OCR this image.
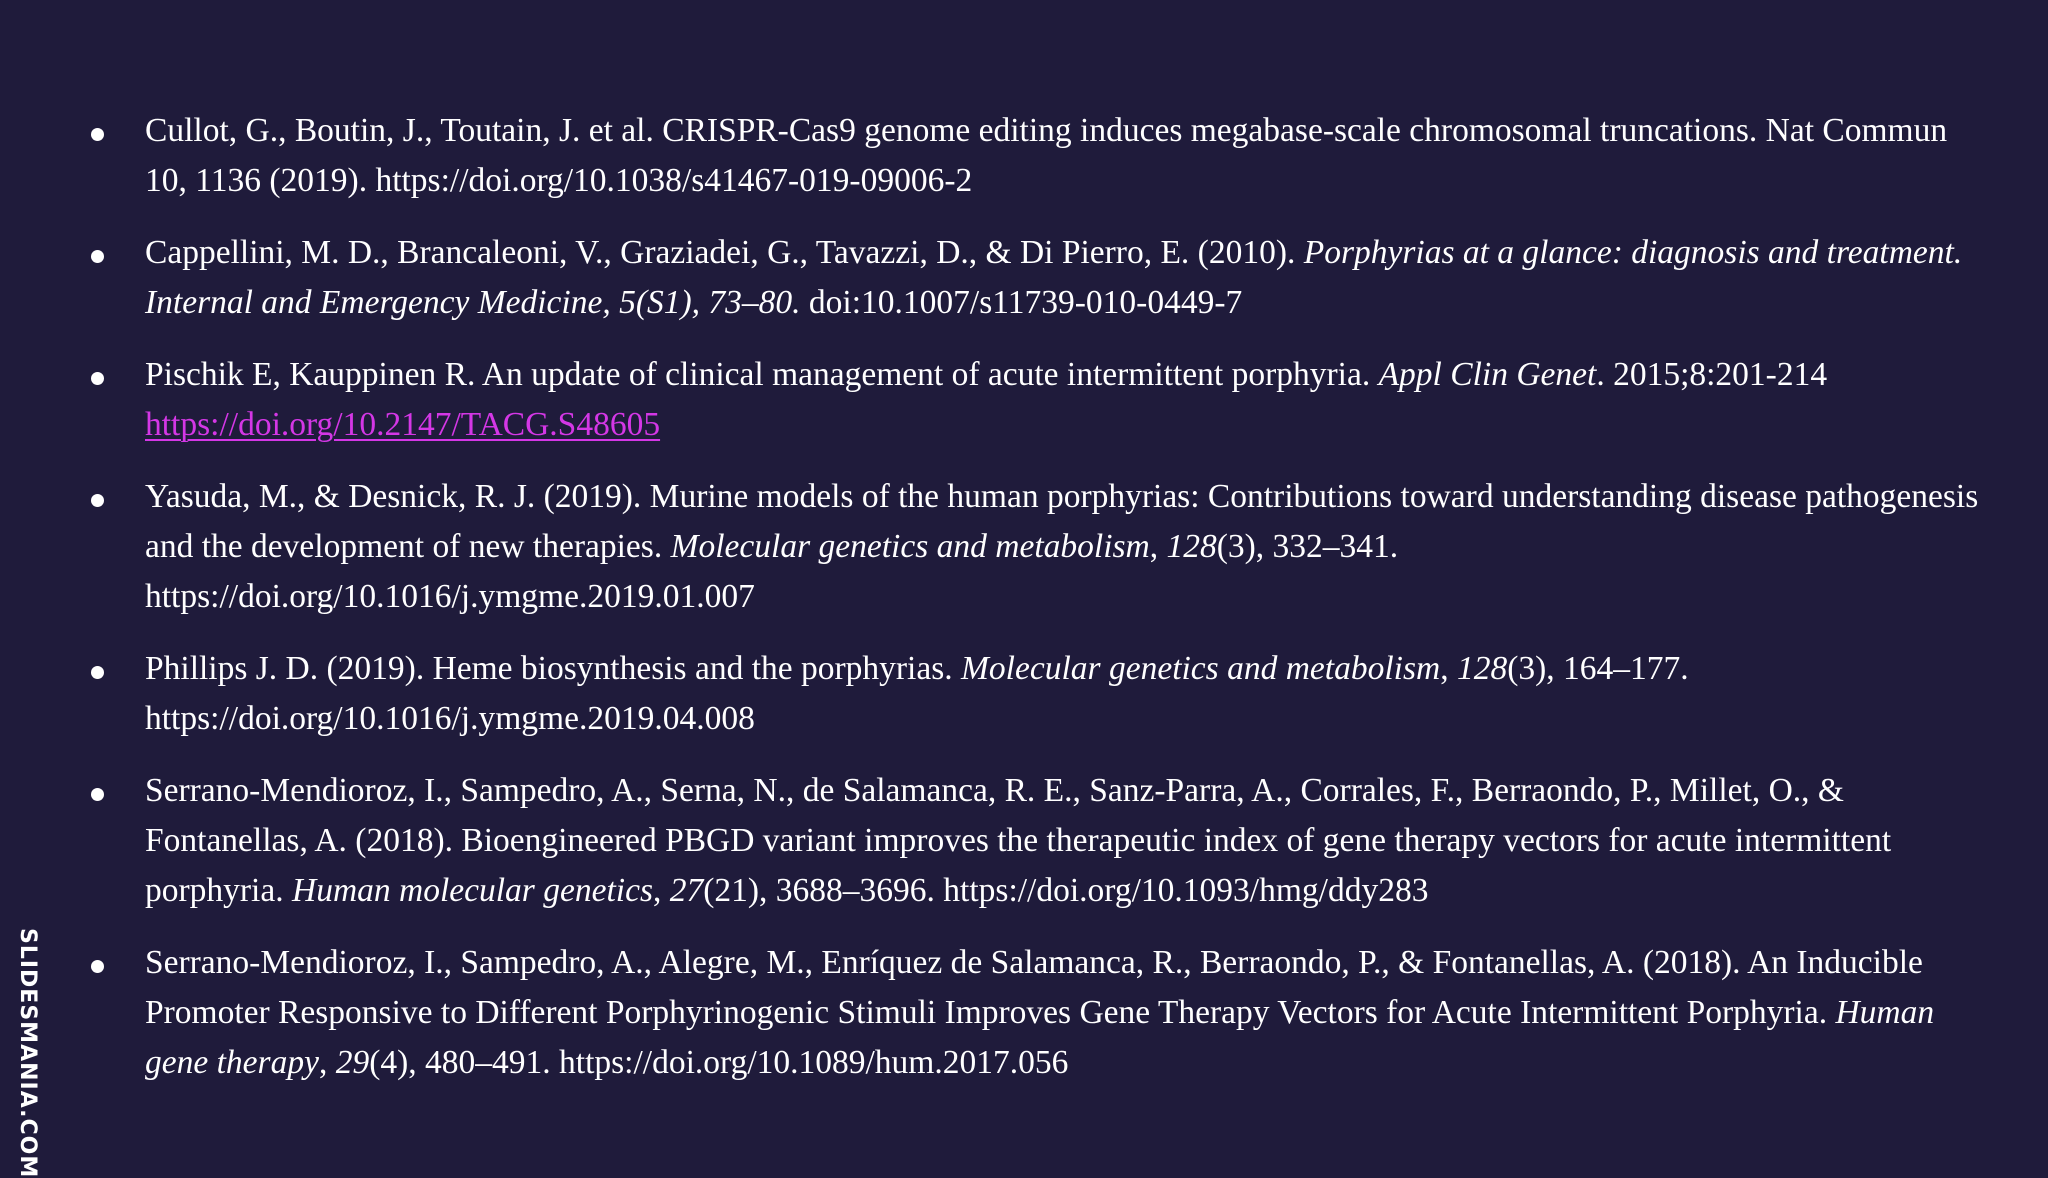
Cullot, G., Boutin, J., Toutain, J. et al. CRISPR-Cas9 genome editing induces megabase-scale chromosomal truncations. Nat Commun 10, 1136 (2019). https://doi.org/10.1038/s41467-019-09006-2
Cappellini, M. D., Brancaleoni, V., Graziadei, G., Tavazzi, D., & Di Pierro, E. (2010). Porphyrias at a glance: diagnosis and treatment. Internal and Emergency Medicine, 5(S1), 73–80. doi:10.1007/s11739-010-0449-7
Pischik E, Kauppinen R. An update of clinical management of acute intermittent porphyria. Appl Clin Genet. 2015;8:201-214 https://doi.org/10.2147/TACG.S48605
Yasuda, M., & Desnick, R. J. (2019). Murine models of the human porphyrias: Contributions toward understanding disease pathogenesis and the development of new therapies. Molecular genetics and metabolism, 128(3), 332–341. https://doi.org/10.1016/j.ymgme.2019.01.007
Phillips J. D. (2019). Heme biosynthesis and the porphyrias. Molecular genetics and metabolism, 128(3), 164–177. https://doi.org/10.1016/j.ymgme.2019.04.008
Serrano-Mendioroz, I., Sampedro, A., Serna, N., de Salamanca, R. E., Sanz-Parra, A., Corrales, F., Berraondo, P., Millet, O., & Fontanellas, A. (2018). Bioengineered PBGD variant improves the therapeutic index of gene therapy vectors for acute intermittent porphyria. Human molecular genetics, 27(21), 3688–3696. https://doi.org/10.1093/hmg/ddy283
Serrano-Mendioroz, I., Sampedro, A., Alegre, M., Enríquez de Salamanca, R., Berraondo, P., & Fontanellas, A. (2018). An Inducible Promoter Responsive to Different Porphyrinogenic Stimuli Improves Gene Therapy Vectors for Acute Intermittent Porphyria. Human gene therapy, 29(4), 480–491. https://doi.org/10.1089/hum.2017.056
SLIDESMANIA.COM
